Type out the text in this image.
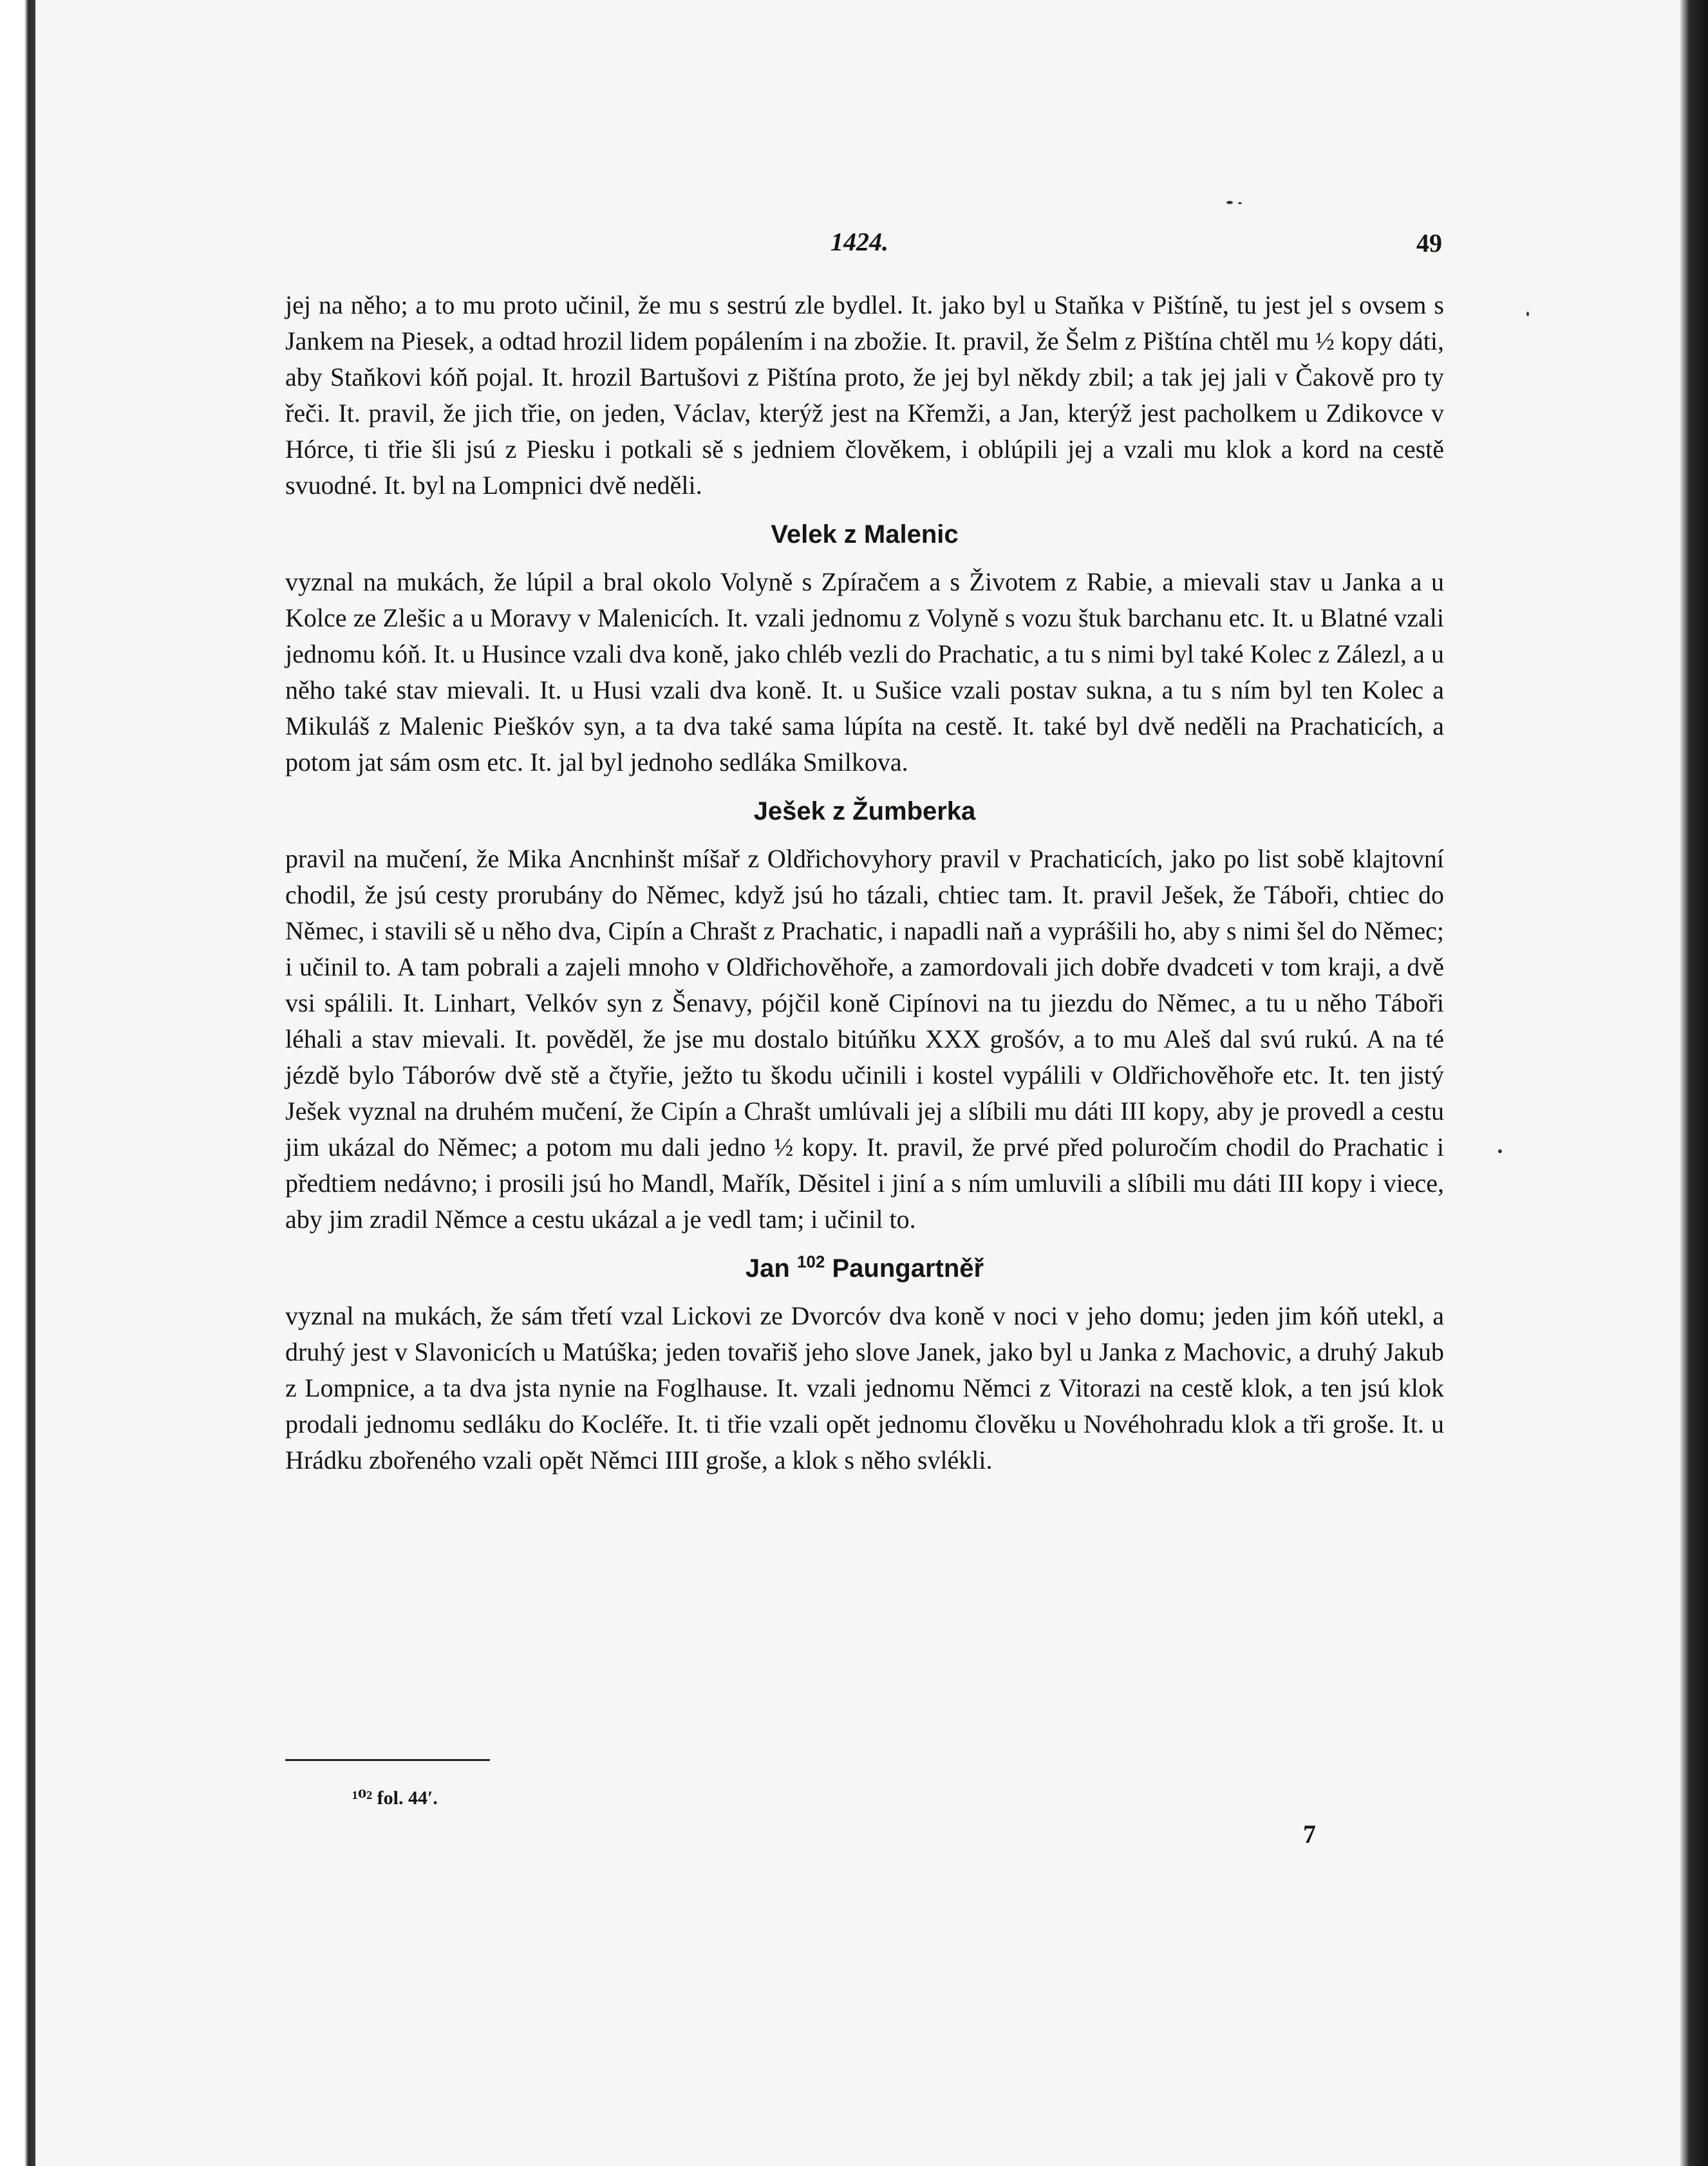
1424.	49

jej na něho; a to mu proto učinil, že mu s sestrú zle bydlel. It. jako byl u Staňka v Pištíně, tu jest jel s ovsem s Jankem na Piesek, a odtad hrozil lidem popálením i na zbožie. It. pravil, že Šelm z Pištína chtěl mu ½ kopy dáti, aby Staňkovi kóň pojal. It. hrozil Bartušovi z Pištína proto, že jej byl někdy zbil; a tak jej jali v Čakově pro ty řeči. It. pravil, že jich třie, on jeden, Václav, kterýž jest na Křemži, a Jan, kterýž jest pacholkem u Zdikovce v Hórce, ti třie šli jsú z Piesku i potkali sě s jedniem člověkem, i oblúpili jej a vzali mu klok a kord na cestě svuodné. It. byl na Lompnici dvě neděli.

Velek z Malenic

vyznal na mukách, že lúpil a bral okolo Volyně s Zpíračem a s Životem z Rabie, a mievali stav u Janka a u Kolce ze Zlešic a u Moravy v Malenicích. It. vzali jednomu z Volyně s vozu štuk barchanu etc. It. u Blatné vzali jednomu kóň. It. u Husince vzali dva koně, jako chléb vezli do Prachatic, a tu s nimi byl také Kolec z Zálezl, a u něho také stav mievali. It. u Husi vzali dva koně. It. u Sušice vzali postav sukna, a tu s ním byl ten Kolec a Mikuláš z Malenic Pieškóv syn, a ta dva také sama lúpíta na cestě. It. také byl dvě neděli na Prachaticích, a potom jat sám osm etc. It. jal byl jednoho sedláka Smilkova.

Ješek z Žumberka

pravil na mučení, že Mika Ancnhinšt míšař z Oldřichovyhory pravil v Prachaticích, jako po list sobě klajtovní chodil, že jsú cesty prorubány do Němec, když jsú ho tázali, chtiec tam. It. pravil Ješek, že Táboři, chtiec do Němec, i stavili sě u něho dva, Cipín a Chrašt z Prachatic, i napadli naň a vyprášili ho, aby s nimi šel do Němec; i učinil to. A tam pobrali a zajeli mnoho v Oldřichověhoře, a zamordovali jich dobře dvadceti v tom kraji, a dvě vsi spálili. It. Linhart, Velkóv syn z Šenavy, pójčil koně Cipínovi na tu jiezdu do Němec, a tu u něho Táboři léhali a stav mievali. It. pověděl, že jse mu dostalo bitúňku XXX grošóv, a to mu Aleš dal svú rukú. A na té jézdě bylo Táborów dvě stě a čtyřie, ježto tu škodu učinili i kostel vypálili v Oldřichověhoře etc. It. ten jistý Ješek vyznal na druhém mučení, že Cipín a Chrašt umlúvali jej a slíbili mu dáti III kopy, aby je provedl a cestu jim ukázal do Němec; a potom mu dali jedno ½ kopy. It. pravil, že prvé před poluročím chodil do Prachatic i předtiem nedávno; i prosili jsú ho Mandl, Mařík, Děsitel i jiní a s ním umluvili a slíbili mu dáti III kopy i viece, aby jim zradil Němce a cestu ukázal a je vedl tam; i učinil to.

Jan $^{102}$ Paungartněř

vyznal na mukách, že sám třetí vzal Lickovi ze Dvorcóv dva koně v noci v jeho domu; jeden jim kóň utekl, a druhý jest v Slavonicích u Matúška; jeden tovařiš jeho slove Janek, jako byl u Janka z Machovic, a druhý Jakub z Lompnice, a ta dva jsta nynie na Foglhause. It. vzali jednomu Němci z Vitorazi na cestě klok, a ten jsú klok prodali jednomu sedláku do Kocléře. It. ti třie vzali opět jednomu člověku u Novéhohradu klok a tři groše. It. u Hrádku zbořeného vzali opět Němci IIII groše, a klok s něho svlékli.

¹⁰² fol. 44′.
7
